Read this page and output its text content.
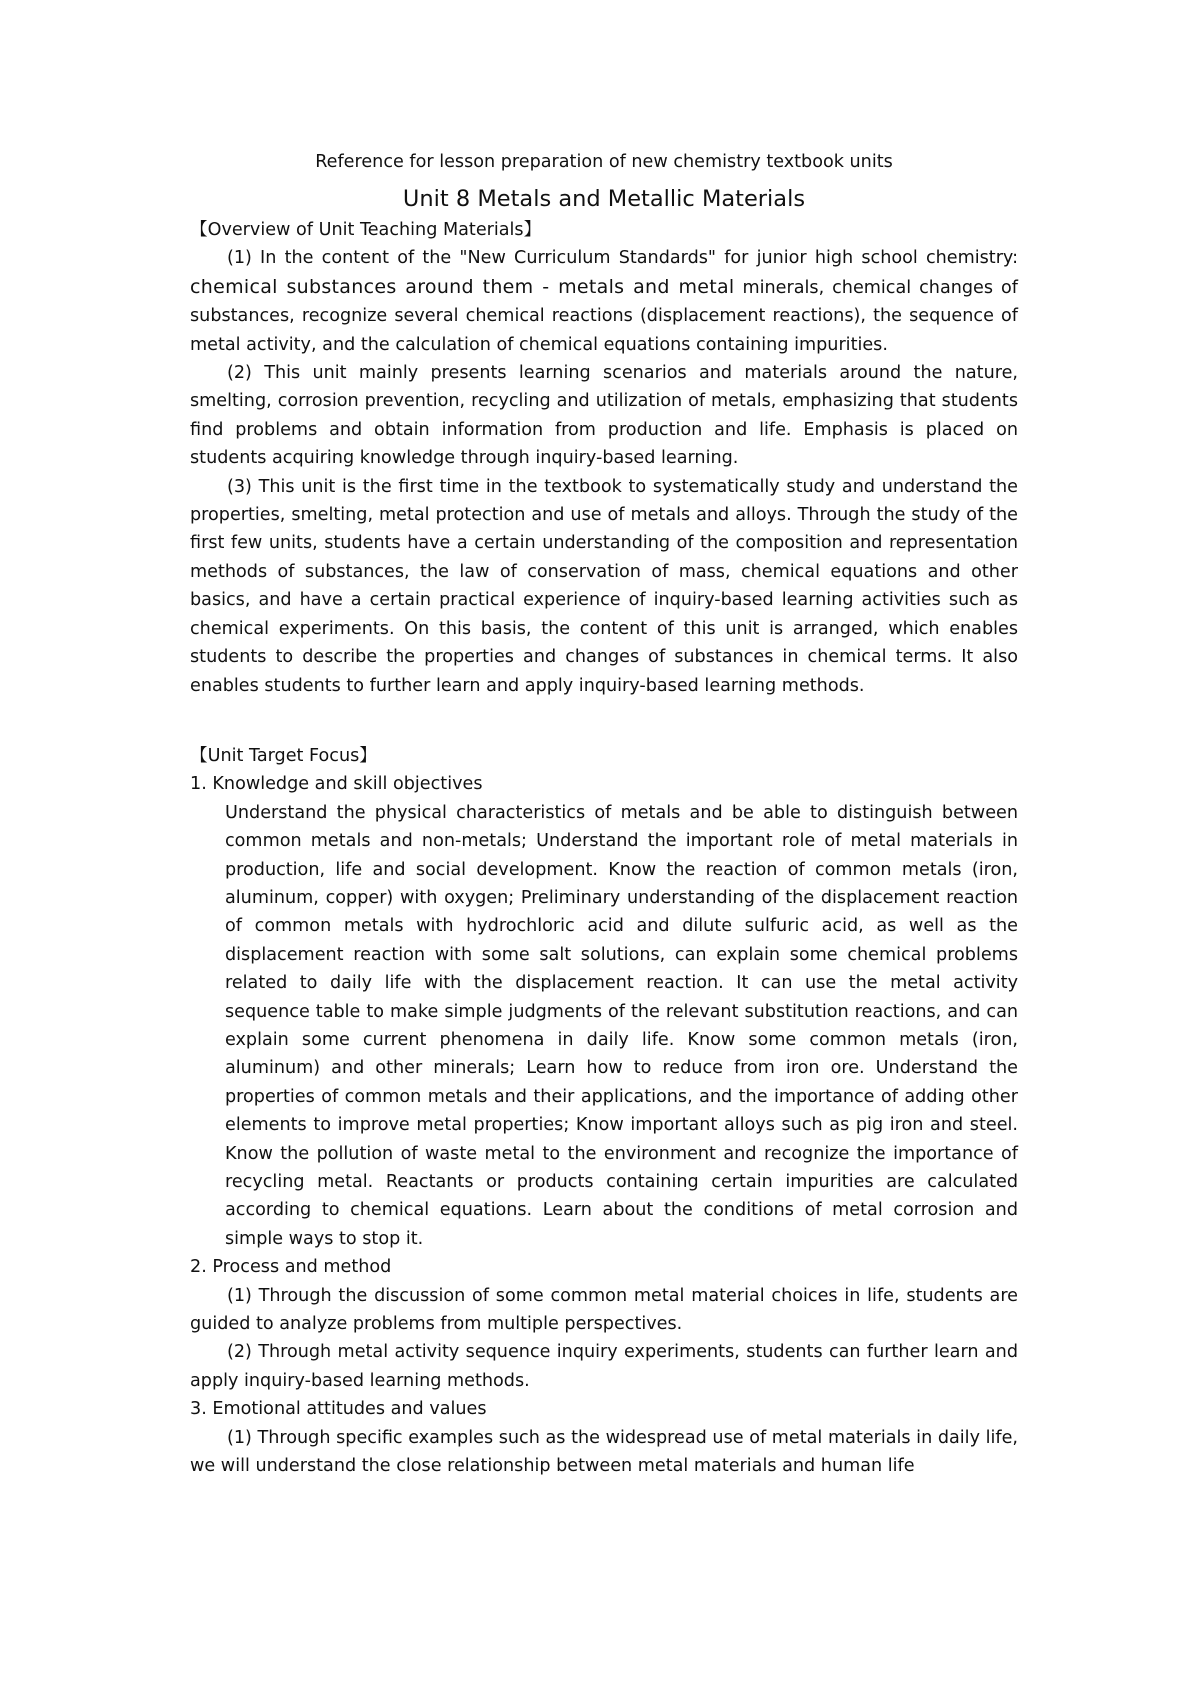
Reference for lesson preparation of new chemistry textbook units

Unit 8 Metals and Metallic Materials

【Overview of Unit Teaching Materials】

(1) In the content of the "New Curriculum Standards" for junior high school chemistry: chemical substances around them - metals and metal minerals, chemical changes of substances, recognize several chemical reactions (displacement reactions), the sequence of metal activity, and the calculation of chemical equations containing impurities.

(2) This unit mainly presents learning scenarios and materials around the nature, smelting, corrosion prevention, recycling and utilization of metals, emphasizing that students find problems and obtain information from production and life. Emphasis is placed on students acquiring knowledge through inquiry-based learning.

(3) This unit is the first time in the textbook to systematically study and understand the properties, smelting, metal protection and use of metals and alloys. Through the study of the first few units, students have a certain understanding of the composition and representation methods of substances, the law of conservation of mass, chemical equations and other basics, and have a certain practical experience of inquiry-based learning activities such as chemical experiments. On this basis, the content of this unit is arranged, which enables students to describe the properties and changes of substances in chemical terms. It also enables students to further learn and apply inquiry-based learning methods.

【Unit Target Focus】

1. Knowledge and skill objectives

Understand the physical characteristics of metals and be able to distinguish between common metals and non-metals; Understand the important role of metal materials in production, life and social development. Know the reaction of common metals (iron, aluminum, copper) with oxygen; Preliminary understanding of the displacement reaction of common metals with hydrochloric acid and dilute sulfuric acid, as well as the displacement reaction with some salt solutions, can explain some chemical problems related to daily life with the displacement reaction. It can use the metal activity sequence table to make simple judgments of the relevant substitution reactions, and can explain some current phenomena in daily life. Know some common metals (iron, aluminum) and other minerals; Learn how to reduce from iron ore. Understand the properties of common metals and their applications, and the importance of adding other elements to improve metal properties; Know important alloys such as pig iron and steel. Know the pollution of waste metal to the environment and recognize the importance of recycling metal. Reactants or products containing certain impurities are calculated according to chemical equations. Learn about the conditions of metal corrosion and simple ways to stop it.

2. Process and method

(1) Through the discussion of some common metal material choices in life, students are guided to analyze problems from multiple perspectives.

(2) Through metal activity sequence inquiry experiments, students can further learn and apply inquiry-based learning methods.

3. Emotional attitudes and values

(1) Through specific examples such as the widespread use of metal materials in daily life, we will understand the close relationship between metal materials and human life
